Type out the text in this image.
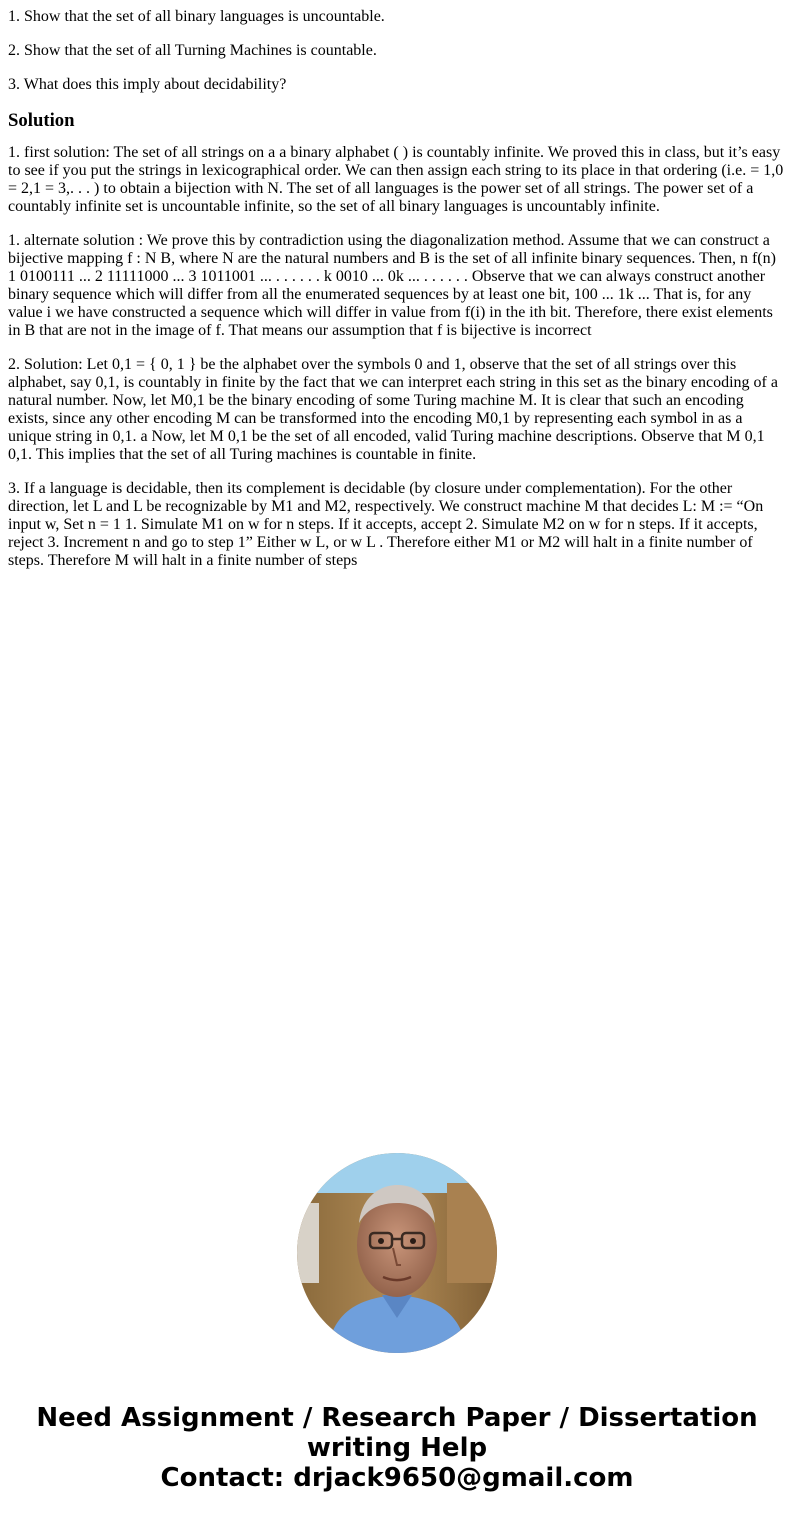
1. Show that the set of all binary languages is uncountable.

2. Show that the set of all Turning Machines is countable.

3. What does this imply about decidability?

Solution

1. first solution: The set of all strings on a a binary alphabet ( ) is countably infinite. We proved this in class, but it’s easy to see if you put the strings in lexicographical order. We can then assign each string to its place in that ordering (i.e. = 1,0 = 2,1 = 3,. . . ) to obtain a bijection with N. The set of all languages is the power set of all strings. The power set of a countably infinite set is uncountable infinite, so the set of all binary languages is uncountably infinite.

1. alternate solution : We prove this by contradiction using the diagonalization method. Assume that we can construct a bijective mapping f : N B, where N are the natural numbers and B is the set of all infinite binary sequences. Then, n f(n) 1 0100111 ... 2 11111000 ... 3 1011001 ... . . . . . . k 0010 ... 0k ... . . . . . . Observe that we can always construct another binary sequence which will differ from all the enumerated sequences by at least one bit, 100 ... 1k ... That is, for any value i we have constructed a sequence which will differ in value from f(i) in the ith bit. Therefore, there exist elements in B that are not in the image of f. That means our assumption that f is bijective is incorrect

2. Solution: Let 0,1 = { 0, 1 } be the alphabet over the symbols 0 and 1, observe that the set of all strings over this alphabet, say 0,1, is countably in finite by the fact that we can interpret each string in this set as the binary encoding of a natural number. Now, let M0,1 be the binary encoding of some Turing machine M. It is clear that such an encoding exists, since any other encoding M can be transformed into the encoding M0,1 by representing each symbol in as a unique string in 0,1. a Now, let M 0,1 be the set of all encoded, valid Turing machine descriptions. Observe that M 0,1 0,1. This implies that the set of all Turing machines is countable in finite.

3. If a language is decidable, then its complement is decidable (by closure under complementation). For the other direction, let L and L be recognizable by M1 and M2, respectively. We construct machine M that decides L: M := “On input w, Set n = 1 1. Simulate M1 on w for n steps. If it accepts, accept 2. Simulate M2 on w for n steps. If it accepts, reject 3. Increment n and go to step 1” Either w L, or w L . Therefore either M1 or M2 will halt in a finite number of steps. Therefore M will halt in a finite number of steps

Need Assignment / Research Paper / Dissertation
writing Help
Contact: drjack9650@gmail.com
